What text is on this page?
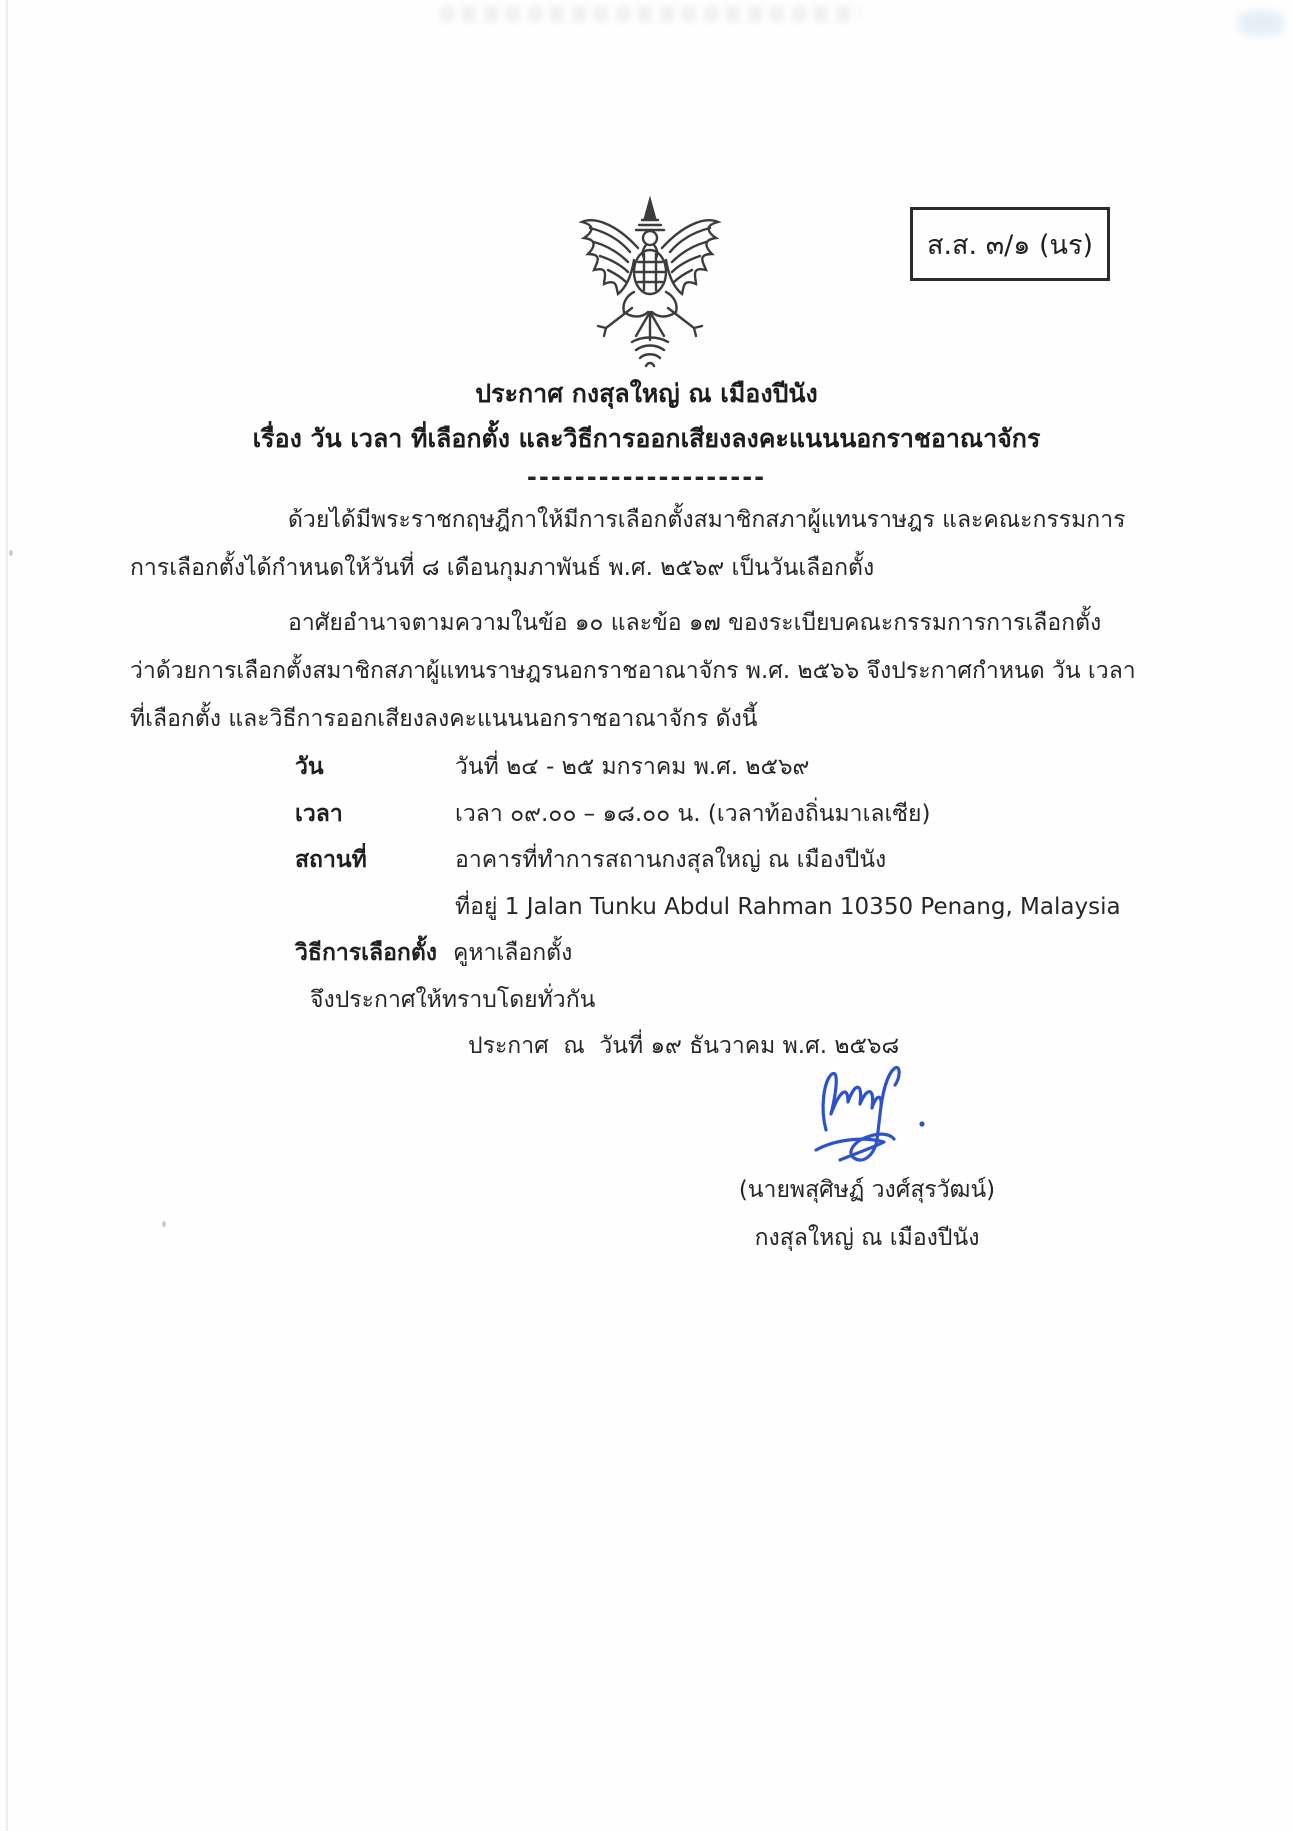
ส.ส. ๓/๑ (นร)
ประกาศ กงสุลใหญ่ ณ เมืองปีนัง
เรื่อง วัน เวลา ที่เลือกตั้ง และวิธีการออกเสียงลงคะแนนนอกราชอาณาจักร
--------------------
ด้วยได้มีพระราชกฤษฎีกาให้มีการเลือกตั้งสมาชิกสภาผู้แทนราษฎร และคณะกรรมการ
การเลือกตั้งได้กำหนดให้วันที่ ๘ เดือนกุมภาพันธ์ พ.ศ. ๒๕๖๙ เป็นวันเลือกตั้ง
อาศัยอำนาจตามความในข้อ ๑๐ และข้อ ๑๗ ของระเบียบคณะกรรมการการเลือกตั้ง
ว่าด้วยการเลือกตั้งสมาชิกสภาผู้แทนราษฎรนอกราชอาณาจักร พ.ศ. ๒๕๖๖ จึงประกาศกำหนด วัน เวลา
ที่เลือกตั้ง และวิธีการออกเสียงลงคะแนนนอกราชอาณาจักร ดังนี้
วัน	วันที่ ๒๔ - ๒๕ มกราคม พ.ศ. ๒๕๖๙
เวลา	เวลา ๐๙.๐๐ – ๑๘.๐๐ น. (เวลาท้องถิ่นมาเลเซีย)
สถานที่	อาคารที่ทำการสถานกงสุลใหญ่ ณ เมืองปีนัง
ที่อยู่ 1 Jalan Tunku Abdul Rahman 10350 Penang, Malaysia
วิธีการเลือกตั้ง คูหาเลือกตั้ง
จึงประกาศให้ทราบโดยทั่วกัน
ประกาศ  ณ  วันที่ ๑๙ ธันวาคม พ.ศ. ๒๕๖๘
(นายพสุศิษฏ์ วงศ์สุรวัฒน์)
กงสุลใหญ่ ณ เมืองปีนัง
